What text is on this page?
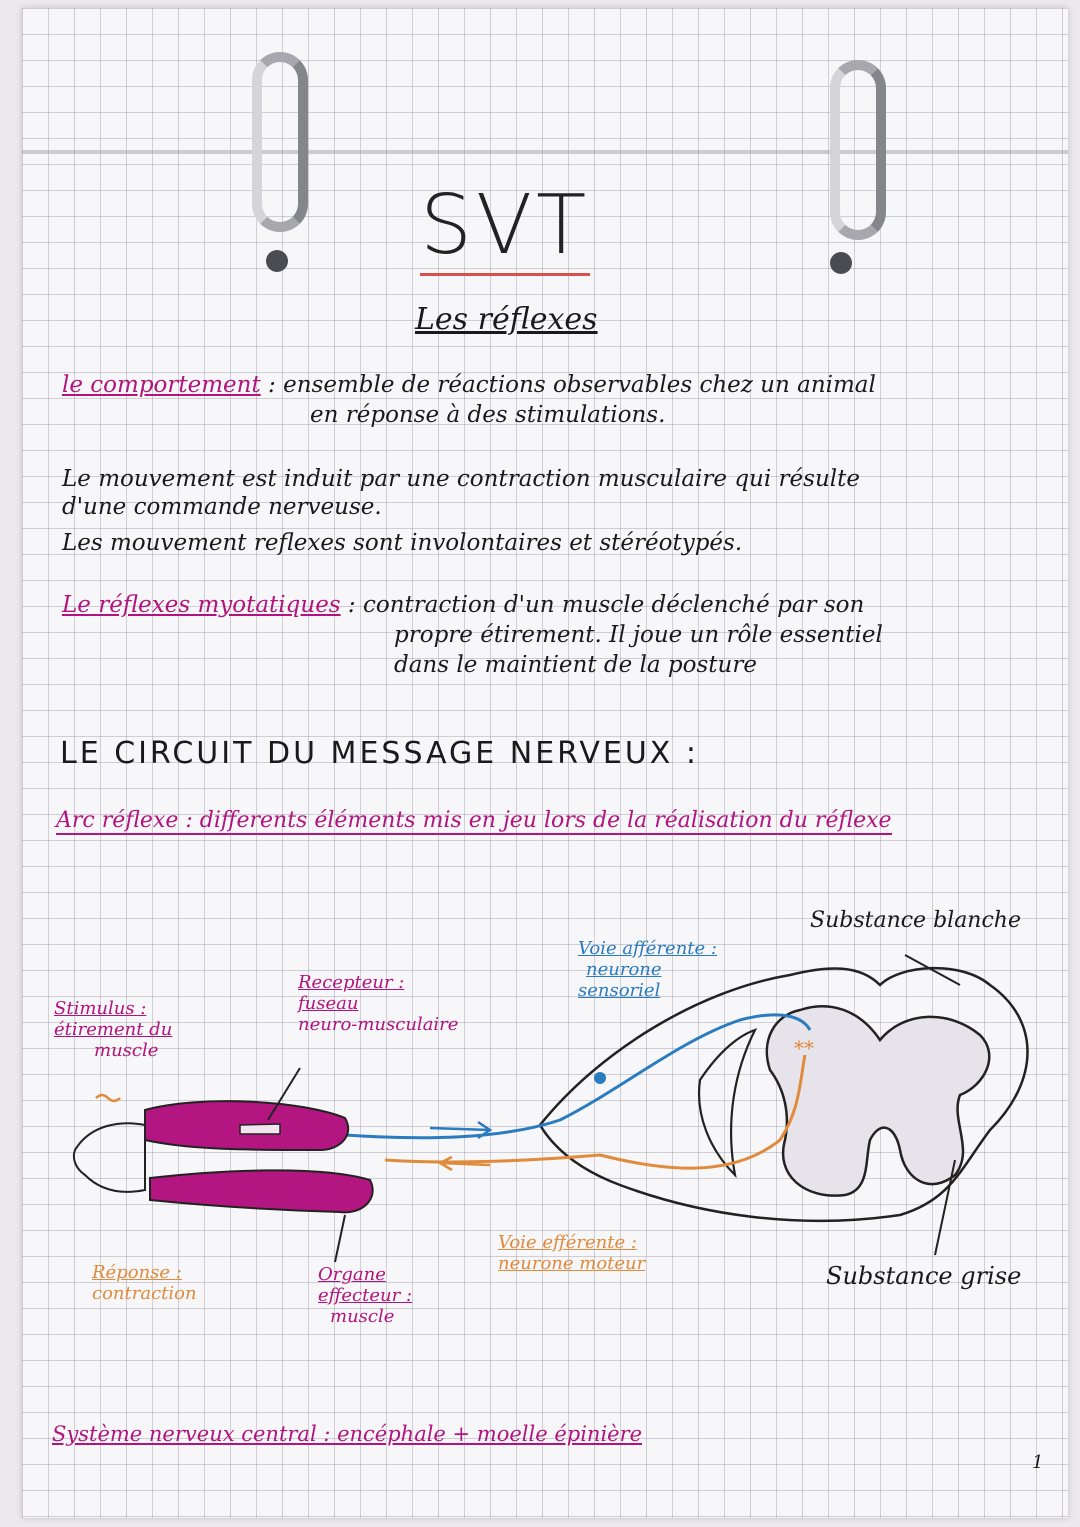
SVT
Les réflexes
le comportement : ensemble de réactions observables chez un animal
en réponse à des stimulations.
Le mouvement est induit par une contraction musculaire qui résulte
d'une commande nerveuse.
Les mouvement reflexes sont involontaires et stéréotypés.
Le réflexes myotatiques : contraction d'un muscle déclenché par son
propre étirement. Il joue un rôle essentiel
dans le maintient de la posture
LE CIRCUIT DU MESSAGE NERVEUX :
Arc réflexe : differents éléments mis en jeu lors de la réalisation du réflexe
**
Stimulus :
étirement du
muscle
Recepteur :
fuseau
neuro-musculaire
Voie afférente :
neurone
sensoriel
Substance blanche
Substance grise
Réponse :
contraction
Organe
effecteur :
muscle
Voie efférente :
neurone moteur
Système nerveux central : encéphale + moelle épinière
1
